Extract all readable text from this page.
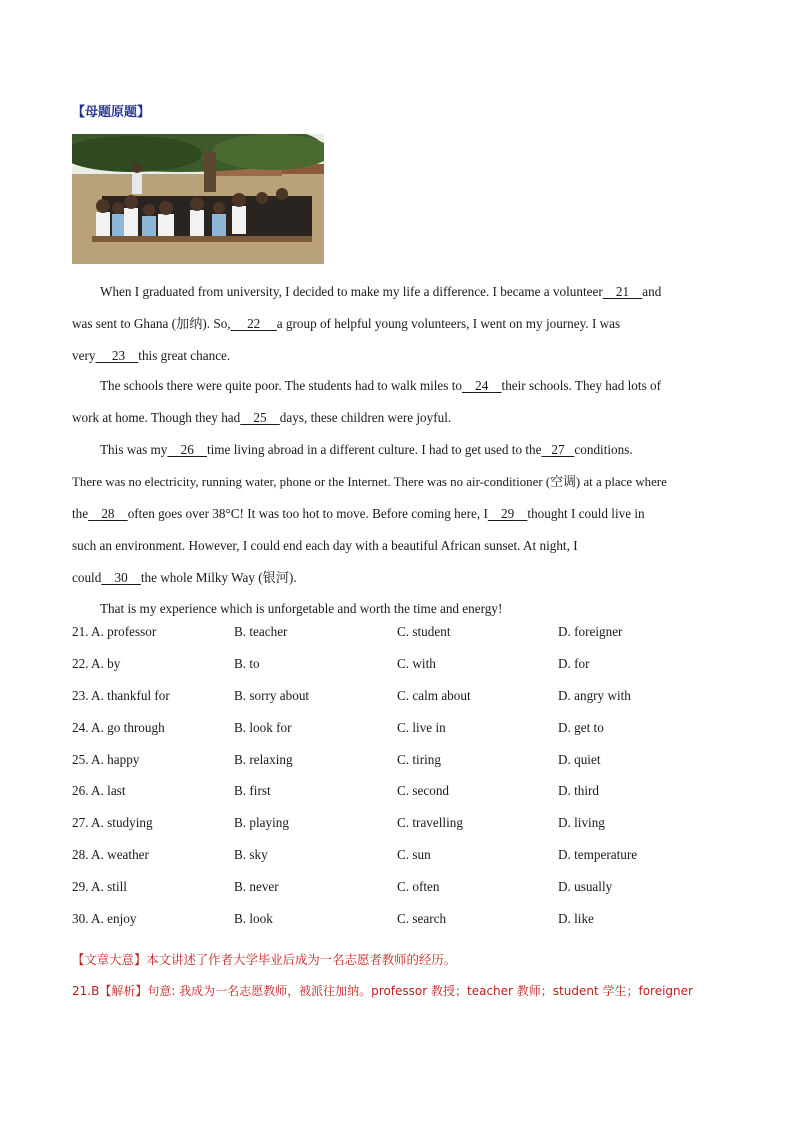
【母题原题】

When I graduated from university, I decided to make my life a difference. I became a volunteer 21 and

was sent to Ghana (加纳). So, 22 a group of helpful young volunteers, I went on my journey. I was

very 23 this great chance.

The schools there were quite poor. The students had to walk miles to 24 their schools. They had lots of

work at home. Though they had 25 days, these children were joyful.

This was my 26 time living abroad in a different culture. I had to get used to the 27 conditions.

There was no electricity, running water, phone or the Internet. There was no air-conditioner (空调) at a place where

the 28 often goes over 38°C! It was too hot to move. Before coming here, I 29 thought I could live in

such an environment. However, I could end each day with a beautiful African sunset. At night, I

could 30 the whole Milky Way (银河).

That is my experience which is unforgetable and worth the time and energy!

21. A. professor	B. teacher	C. student	D. foreigner
22. A. by	B. to	C. with	D. for
23. A. thankful for	B. sorry about	C. calm about	D. angry with
24. A. go through	B. look for	C. live in	D. get to
25. A. happy	B. relaxing	C. tiring	D. quiet
26. A. last	B. first	C. second	D. third
27. A. studying	B. playing	C. travelling	D. living
28. A. weather	B. sky	C. sun	D. temperature
29. A. still	B. never	C. often	D. usually
30. A. enjoy	B. look	C. search	D. like
【文章大意】本文讲述了作者大学毕业后成为一名志愿者教师的经历。
21.B【解析】句意: 我成为一名志愿教师，被派往加纳。professor 教授；teacher 教师；student 学生；foreigner
